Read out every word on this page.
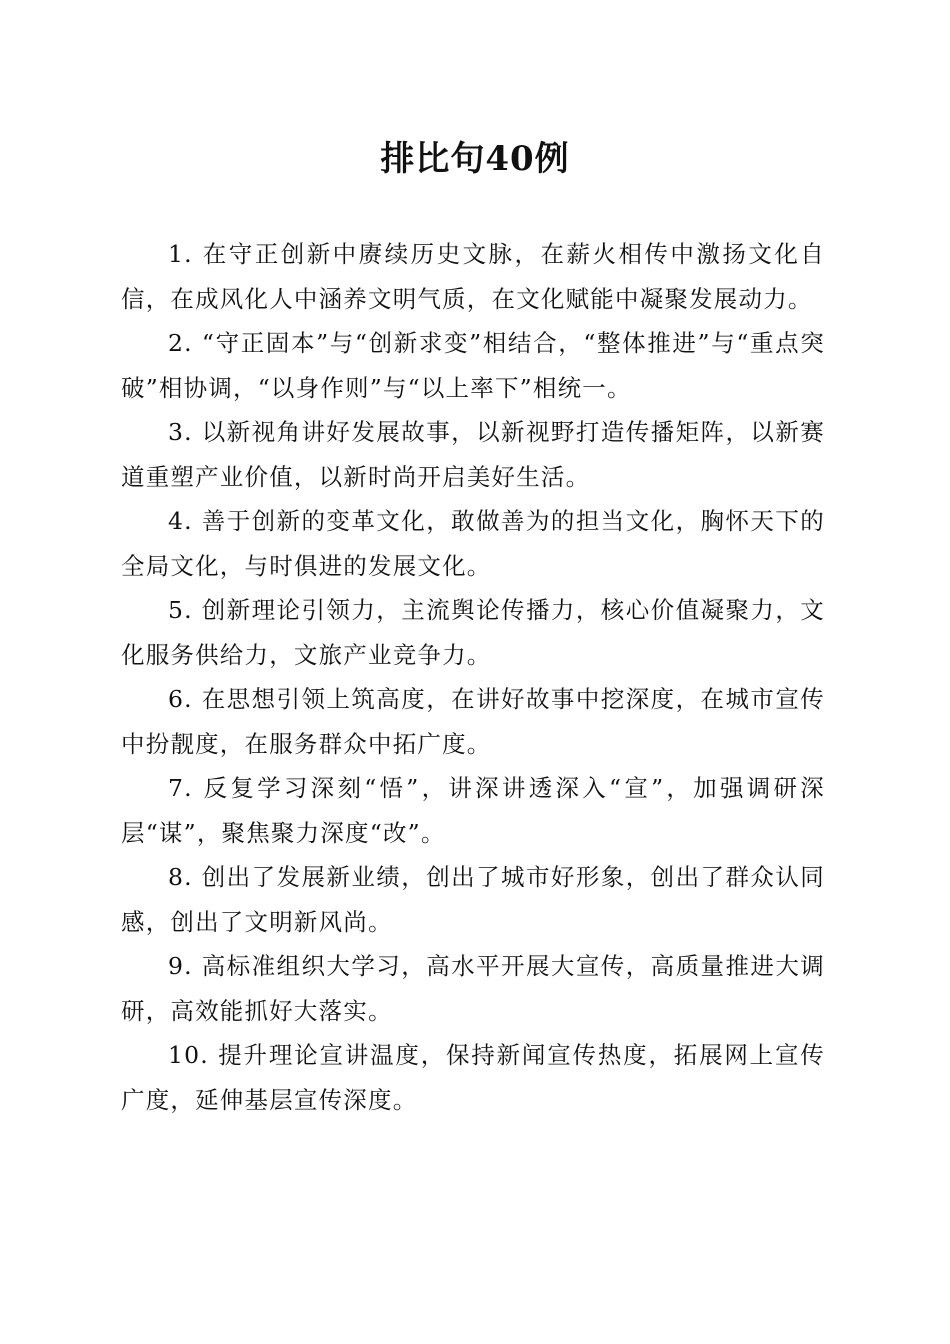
排比句40例

1. 在守正创新中赓续历史文脉，在薪火相传中激扬文化自信，在成风化人中涵养文明气质，在文化赋能中凝聚发展动力。

2. “守正固本”与“创新求变”相结合，“整体推进”与“重点突破”相协调，“以身作则”与“以上率下”相统一。

3. 以新视角讲好发展故事，以新视野打造传播矩阵，以新赛道重塑产业价值，以新时尚开启美好生活。

4. 善于创新的变革文化，敢做善为的担当文化，胸怀天下的全局文化，与时俱进的发展文化。

5. 创新理论引领力，主流舆论传播力，核心价值凝聚力，文化服务供给力，文旅产业竞争力。

6. 在思想引领上筑高度，在讲好故事中挖深度，在城市宣传中扮靓度，在服务群众中拓广度。

7. 反复学习深刻“悟”，讲深讲透深入“宣”，加强调研深层“谋”，聚焦聚力深度“改”。

8. 创出了发展新业绩，创出了城市好形象，创出了群众认同感，创出了文明新风尚。

9. 高标准组织大学习，高水平开展大宣传，高质量推进大调研，高效能抓好大落实。

10. 提升理论宣讲温度，保持新闻宣传热度，拓展网上宣传广度，延伸基层宣传深度。
